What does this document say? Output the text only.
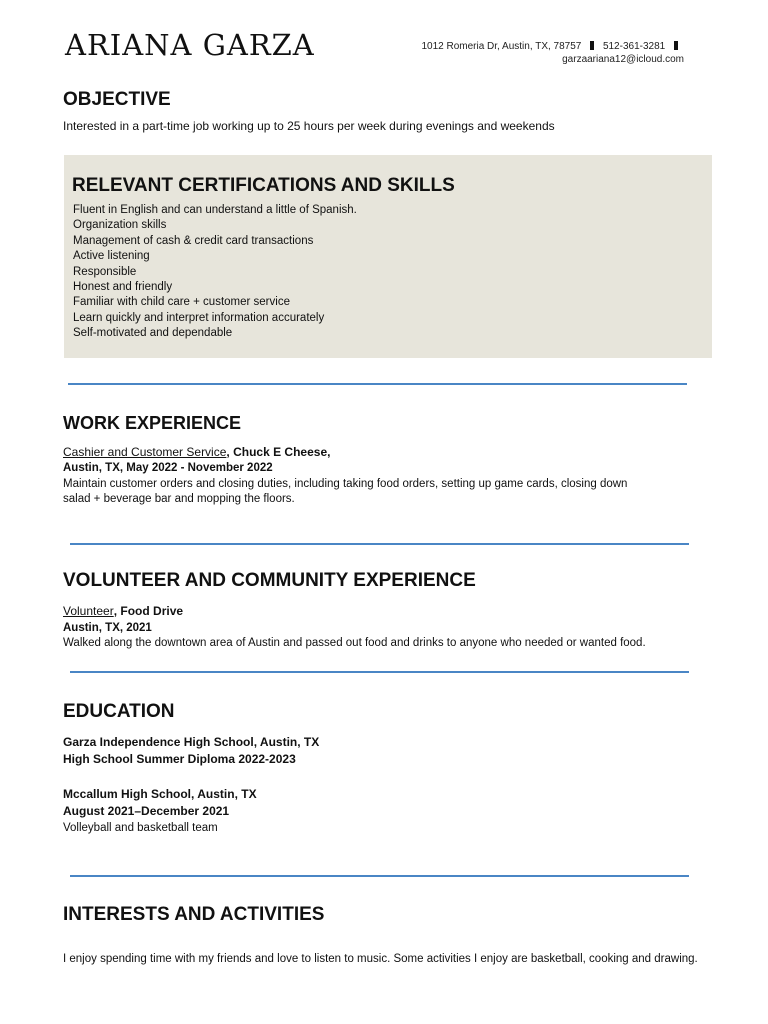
ARIANA GARZA	1012 Romeria Dr, Austin, TX, 78757 512-361-3281
garzaariana12@icloud.com
OBJECTIVE

Interested in a part-time job working up to 25 hours per week during evenings and weekends

RELEVANT CERTIFICATIONS AND SKILLS
Fluent in English and can understand a little of Spanish.
Organization skills
Management of cash & credit card transactions
Active listening
Responsible
Honest and friendly
Familiar with child care + customer service
Learn quickly and interpret information accurately
Self-motivated and dependable
WORK EXPERIENCE

Cashier and Customer Service, Chuck E Cheese,

Austin, TX, May 2022 - November 2022

Maintain customer orders and closing duties, including taking food orders, setting up game cards, closing down

salad + beverage bar and mopping the floors.

VOLUNTEER AND COMMUNITY EXPERIENCE

Volunteer, Food Drive

Austin, TX, 2021

Walked along the downtown area of Austin and passed out food and drinks to anyone who needed or wanted food.

EDUCATION

Garza Independence High School, Austin, TX

High School Summer Diploma 2022-2023

Mccallum High School, Austin, TX

August 2021–December 2021

Volleyball and basketball team

INTERESTS AND ACTIVITIES

I enjoy spending time with my friends and love to listen to music. Some activities I enjoy are basketball, cooking and drawing.
